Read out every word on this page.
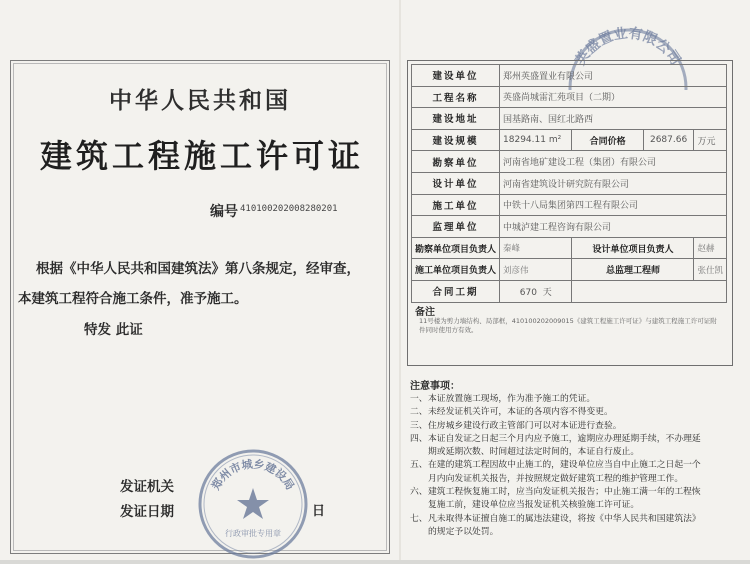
中华人民共和国
建筑工程施工许可证
编号 410100202008280201
根据《中华人民共和国建筑法》第八条规定，经审查，
本建筑工程符合施工条件，准予施工。
特发 此证
发证机关
发证日期	日
郑州市城乡建设局
行政审批专用章
英盛置业有限公司
建设单位	郑州英盛置业有限公司			
工程名称	英盛尚城雷汇苑项目（二期）			
建设地址	国基路南、国红北路西			
建设规模	18294.11 m²	合同价格	2687.66	万元
勘察单位	河南省地矿建设工程（集团）有限公司			
设计单位	河南省建筑设计研究院有限公司			
施工单位	中铁十八局集团第四工程有限公司			
监理单位	中城泸建工程咨询有限公司			
勘察单位项目负责人	秦峰	设计单位项目负责人		赵赫
施工单位项目负责人	刘彦伟	总监理工程师		张仕凯
合同工期	670 天			
备注
11号楼为剪力墙结构、局部框，410100202009015《建筑工程施工许可证》与建筑工程施工许可证附件同时使用方有效。
注意事项：
一、本证放置施工现场，作为准予施工的凭证。
二、未经发证机关许可，本证的各项内容不得变更。
三、住房城乡建设行政主管部门可以对本证进行查验。
四、本证自发证之日起三个月内应予施工，逾期应办理延期手续，不办理延
期或延期次数、时间超过法定时间的，本证自行废止。
五、在建的建筑工程因故中止施工的，建设单位应当自中止施工之日起一个
月内向发证机关报告，并按照规定做好建筑工程的维护管理工作。
六、建筑工程恢复施工时，应当向发证机关报告；中止施工满一年的工程恢
复施工前，建设单位应当报发证机关核验施工许可证。
七、凡未取得本证擅自施工的属违法建设，将按《中华人民共和国建筑法》
的规定予以处罚。
